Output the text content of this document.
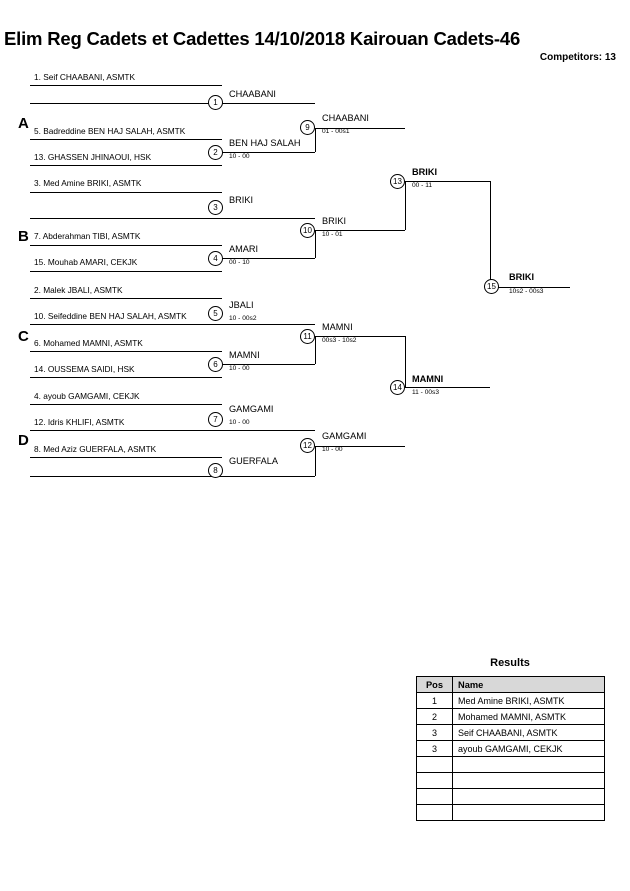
Elim Reg Cadets et Cadettes 14/10/2018 Kairouan Cadets-46
Competitors: 13
A
B
C
D
1. Seif CHAABANI, ASMTK
5. Badreddine BEN HAJ SALAH, ASMTK
13. GHASSEN JHINAOUI, HSK
3. Med Amine BRIKI, ASMTK
7. Abderahman TIBI, ASMTK
15. Mouhab AMARI, CEKJK
2. Malek JBALI, ASMTK
10. Seifeddine BEN HAJ SALAH, ASMTK
6. Mohamed MAMNI, ASMTK
14. OUSSEMA SAIDI, HSK
4. ayoub GAMGAMI, CEKJK
12. Idris KHLIFI, ASMTK
8. Med Aziz GUERFALA, ASMTK
1
2
3
4
5
6
7
8
9
10
11
12
13
14
15
CHAABANI
BEN HAJ SALAH
10 - 00
BRIKI
AMARI
00 - 10
JBALI
10 - 00s2
MAMNI
10 - 00
GAMGAMI
10 - 00
GUERFALA
CHAABANI
01 - 00s1
BRIKI
10 - 01
MAMNI
00s3 - 10s2
GAMGAMI
10 - 00
BRIKI
00 - 11
MAMNI
11 - 00s3
BRIKI
10s2 - 00s3
Results
Pos	Name
1	Med Amine BRIKI, ASMTK
2	Mohamed MAMNI, ASMTK
3	Seif CHAABANI, ASMTK
3	ayoub GAMGAMI, CEKJK
